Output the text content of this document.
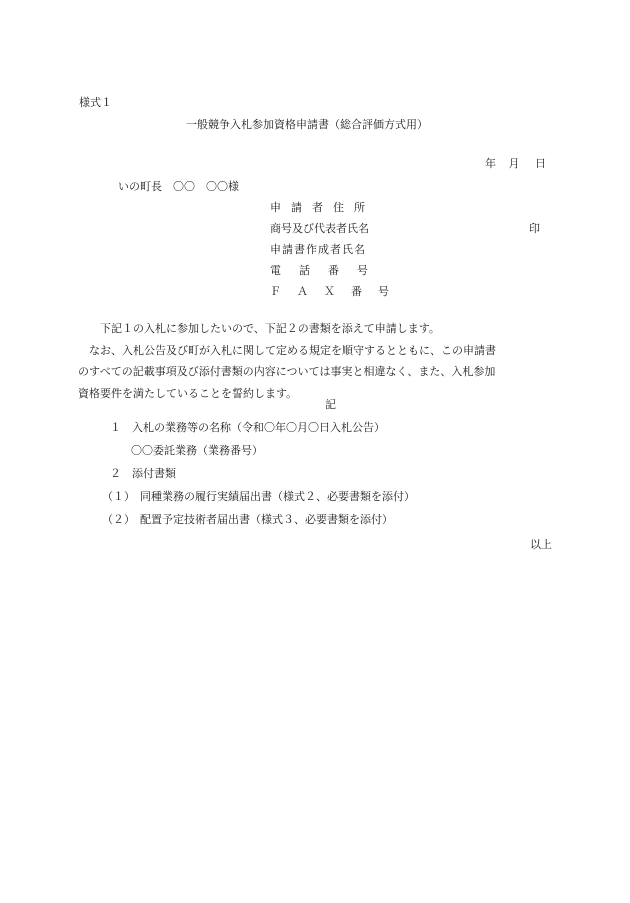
様式１
一般競争入札参加資格申請書（総合評価方式用）
年 月 日
いの町長　〇〇　〇〇様
申請者住所
商号及び代表者氏名	印
申請書作成者氏名
電話番号
ＦＡＸ番号

下記１の入札に参加したいので、下記２の書類を添えて申請します。

なお、入札公告及び町が入札に関して定める規定を順守するとともに、この申請書

のすべての記載事項及び添付書類の内容については事実と相違なく、また、入札参加

資格要件を満たしていることを誓約します。

記

１ 入札の業務等の名称（令和〇年〇月〇日入札公告）

〇〇委託業務（業務番号）

２ 添付書類

（１） 同種業務の履行実績届出書（様式２、必要書類を添付）

（２） 配置予定技術者届出書（様式３、必要書類を添付）

以上
